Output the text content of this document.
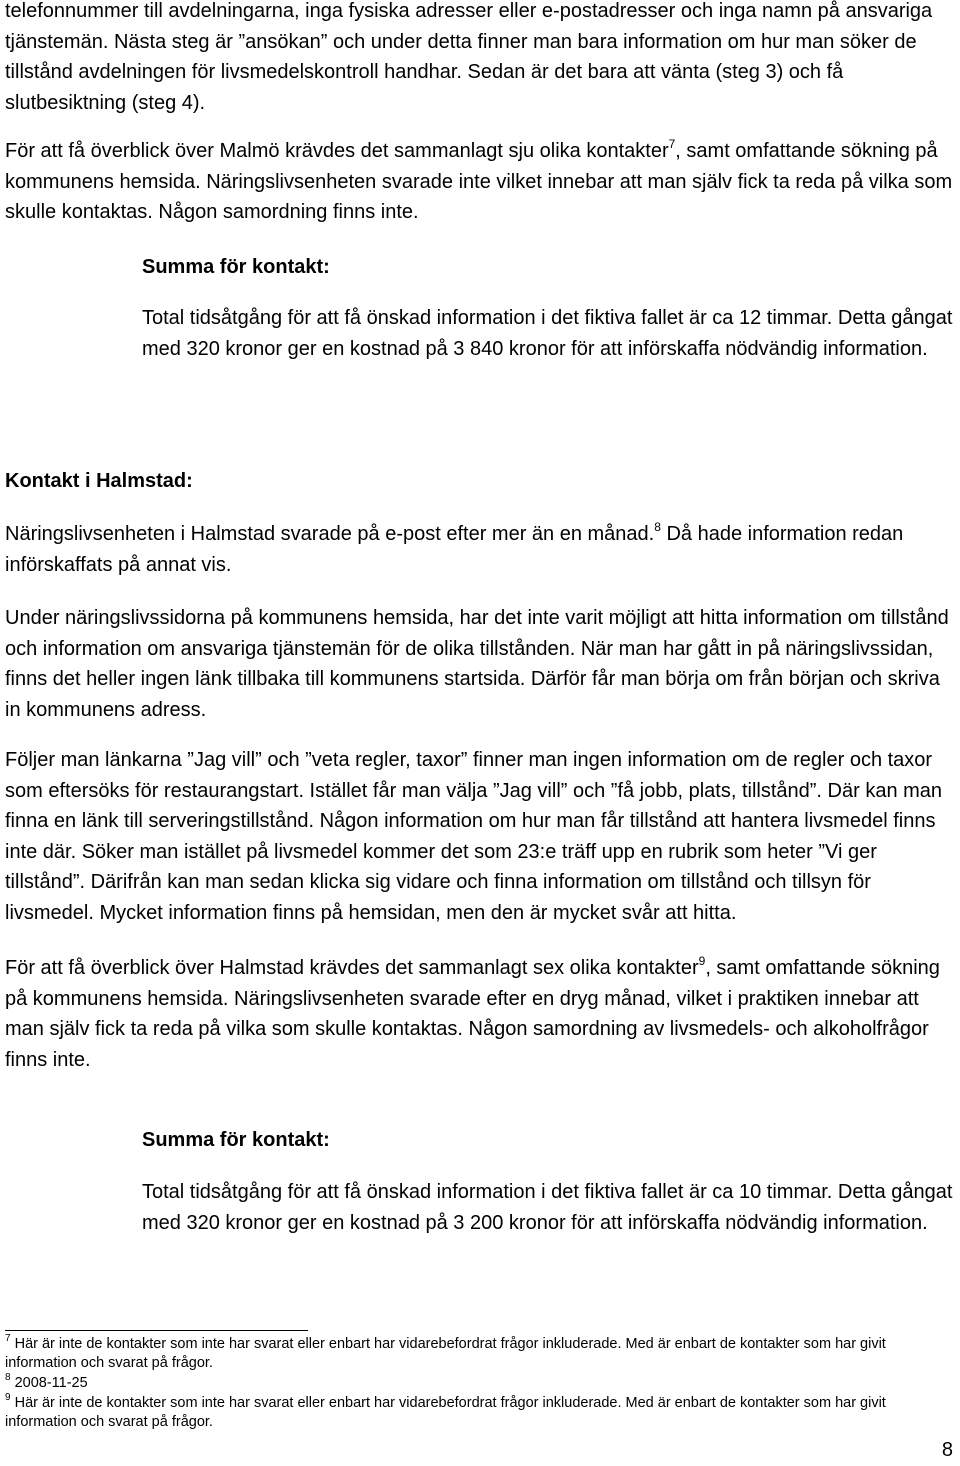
telefonnummer till avdelningarna, inga fysiska adresser eller e-postadresser och inga namn på ansvariga tjänstemän. Nästa steg är ”ansökan” och under detta finner man bara information om hur man söker de tillstånd avdelningen för livsmedelskontroll handhar. Sedan är det bara att vänta (steg 3) och få slutbesiktning (steg 4).

För att få överblick över Malmö krävdes det sammanlagt sju olika kontakter$^7$, samt omfattande sökning på kommunens hemsida. Näringslivsenheten svarade inte vilket innebar att man själv fick ta reda på vilka som skulle kontaktas. Någon samordning finns inte.

Summa för kontakt:

Total tidsåtgång för att få önskad information i det fiktiva fallet är ca 12 timmar. Detta gångat med 320 kronor ger en kostnad på 3 840 kronor för att införskaffa nödvändig information.

Kontakt i Halmstad:

Näringslivsenheten i Halmstad svarade på e-post efter mer än en månad.$^8$ Då hade information redan införskaffats på annat vis.

Under näringslivssidorna på kommunens hemsida, har det inte varit möjligt att hitta information om tillstånd och information om ansvariga tjänstemän för de olika tillstånden. När man har gått in på näringslivssidan, finns det heller ingen länk tillbaka till kommunens startsida. Därför får man börja om från början och skriva in kommunens adress.

Följer man länkarna ”Jag vill” och ”veta regler, taxor” finner man ingen information om de regler och taxor som eftersöks för restaurangstart. Istället får man välja ”Jag vill” och ”få jobb, plats, tillstånd”. Där kan man finna en länk till serveringstillstånd. Någon information om hur man får tillstånd att hantera livsmedel finns inte där. Söker man istället på livsmedel kommer det som 23:e träff upp en rubrik som heter ”Vi ger tillstånd”. Därifrån kan man sedan klicka sig vidare och finna information om tillstånd och tillsyn för livsmedel. Mycket information finns på hemsidan, men den är mycket svår att hitta.

För att få överblick över Halmstad krävdes det sammanlagt sex olika kontakter$^9$, samt omfattande sökning på kommunens hemsida. Näringslivsenheten svarade efter en dryg månad, vilket i praktiken innebar att man själv fick ta reda på vilka som skulle kontaktas. Någon samordning av livsmedels- och alkoholfrågor finns inte.

Summa för kontakt:

Total tidsåtgång för att få önskad information i det fiktiva fallet är ca 10 timmar. Detta gångat med 320 kronor ger en kostnad på 3 200 kronor för att införskaffa nödvändig information.

$^7$ Här är inte de kontakter som inte har svarat eller enbart har vidarebefordrat frågor inkluderade. Med är enbart de kontakter som har givit information och svarat på frågor.

$^8$ 2008-11-25

$^9$ Här är inte de kontakter som inte har svarat eller enbart har vidarebefordrat frågor inkluderade. Med är enbart de kontakter som har givit information och svarat på frågor.

8
